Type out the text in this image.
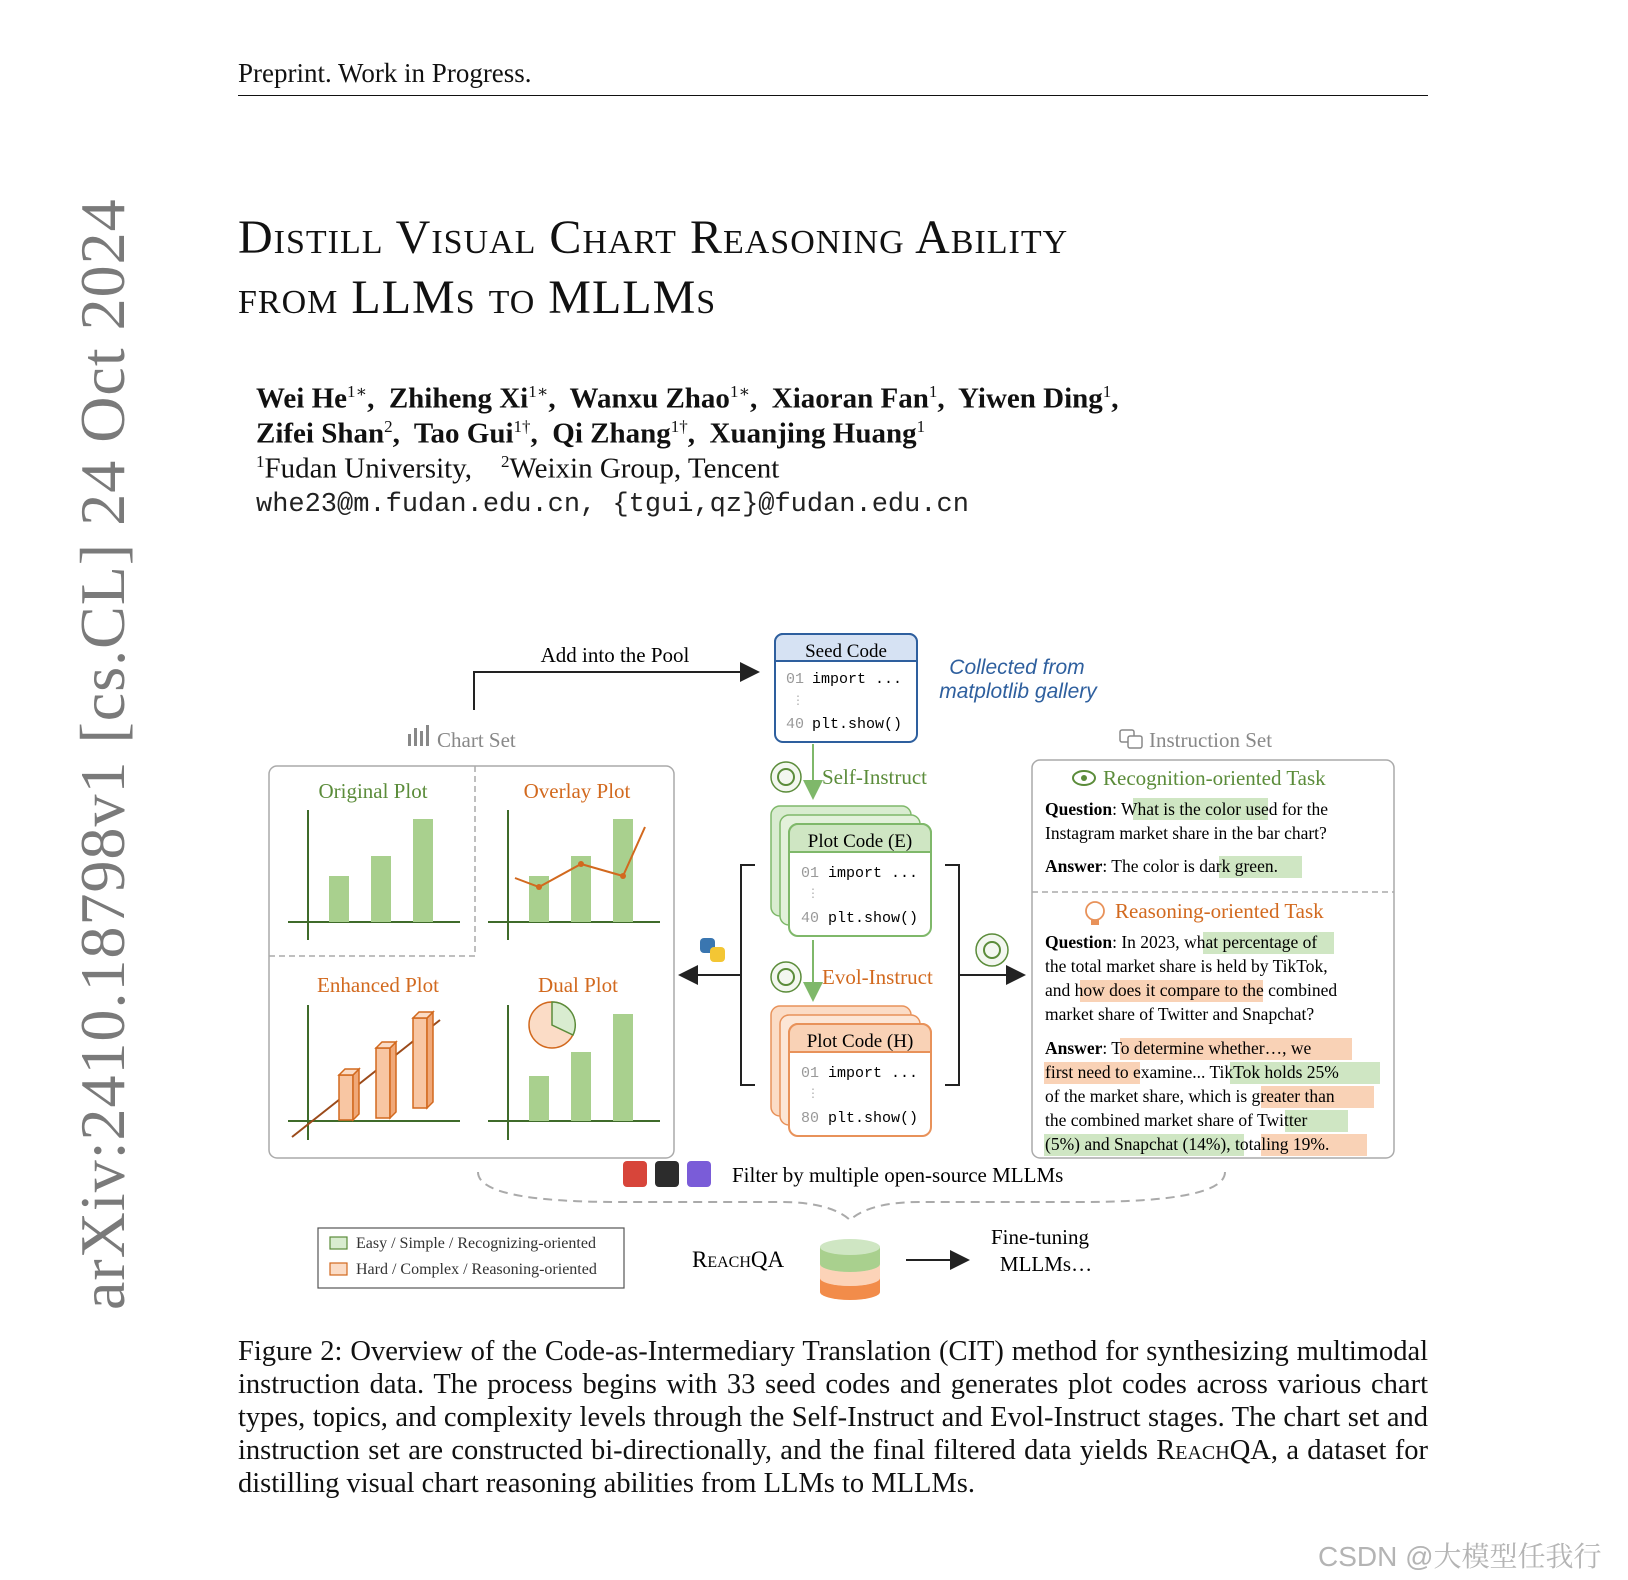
Preprint. Work in Progress.
arXiv:2410.18798v1 [cs.CL] 24 Oct 2024 Distill Visual Chart Reasoning Ability
from LLMs to MLLMs
Wei $He^{1∗}$,  Zhiheng $Xi^{1∗}$,  Wanxu Zhao$^{1∗}$,  Xiaoran Fan$^1$,  Yiwen Ding$^1$,
Zifei Shan$^2$,  Tao Gui$^{1\dagger}$,  Qi Zhang$^{1\dagger}$,  Xuanjing Huang$^1$
$^1$Fudan University, $^2$Weixin Group, Tencent
whe23@m.fudan.edu.cn, {tgui,qz}@fudan.edu.cn
Add into the Pool	Seed Code
01 import ...
⋮
40 plt.show()
Collected from
matplotlib gallery
Self-Instruct
Plot Code (E)
01 import ...
⋮
40 plt.show()
Evol-Instruct
Plot Code (H)
01 import ...
⋮
80 plt.show()
Chart Set
Original Plot	Overlay Plot
Enhanced Plot	Dual Plot
Instruction Set
Recognition-oriented Task
Question: What is the color used for the
Instagram market share in the bar chart?
Answer: The color is dark green.
Reasoning-oriented Task
Question: In 2023, what percentage of
the total market share is held by TikTok,
and how does it compare to the combined
market share of Twitter and Snapchat?
Answer: To determine whether…, we
first need to examine... TikTok holds 25%
of the market share, which is greater than
the combined market share of Twitter
(5%) and Snapchat (14%), totaling 19%.
Filter by multiple open-source MLLMs
Easy / Simple / Recognizing-oriented
Hard / Complex / Reasoning-oriented	ReachQA
Fine-tuning
MLLMs…
Figure 2: Overview of the Code-as-Intermediary Translation (CIT) method for synthesizing multimodal instruction data. The process begins with 33 seed codes and generates plot codes across various chart types, topics, and complexity levels through the Self-Instruct and Evol-Instruct stages. The chart set and instruction set are constructed bi-directionally, and the final filtered data yields ReachQA, a dataset for distilling visual chart reasoning abilities from LLMs to MLLMs.
CSDN @大模型任我行
